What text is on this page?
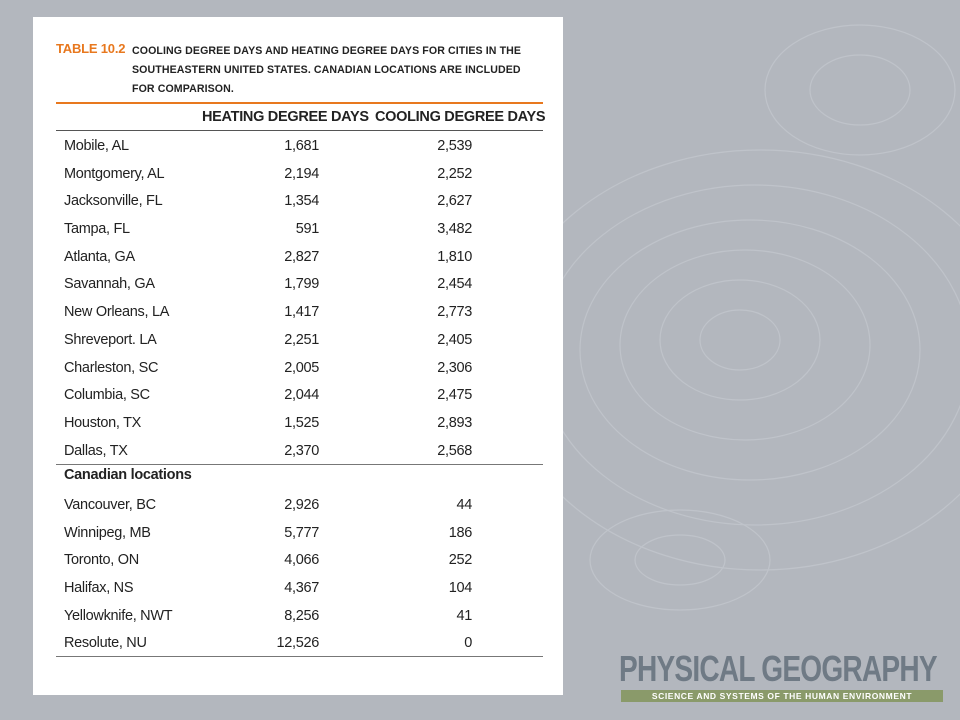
TABLE 10.2 COOLING DEGREE DAYS AND HEATING DEGREE DAYS FOR CITIES IN THE
SOUTHEASTERN UNITED STATES. CANADIAN LOCATIONS ARE INCLUDED
FOR COMPARISON.
HEATING DEGREE DAYS COOLING DEGREE DAYS
Mobile, AL	1,681	2,539
Montgomery, AL	2,194	2,252
Jacksonville, FL	1,354	2,627
Tampa, FL	591	3,482
Atlanta, GA	2,827	1,810
Savannah, GA	1,799	2,454
New Orleans, LA	1,417	2,773
Shreveport. LA	2,251	2,405
Charleston, SC	2,005	2,306
Columbia, SC	2,044	2,475
Houston, TX	1,525	2,893
Dallas, TX	2,370	2,568
Canadian locations
Vancouver, BC	2,926	44
Winnipeg, MB	5,777	186
Toronto, ON	4,066	252
Halifax, NS	4,367	104
Yellowknife, NWT	8,256	41
Resolute, NU	12,526	0
PHYSICAL GEOGRAPHY
SCIENCE AND SYSTEMS OF THE HUMAN ENVIRONMENT
